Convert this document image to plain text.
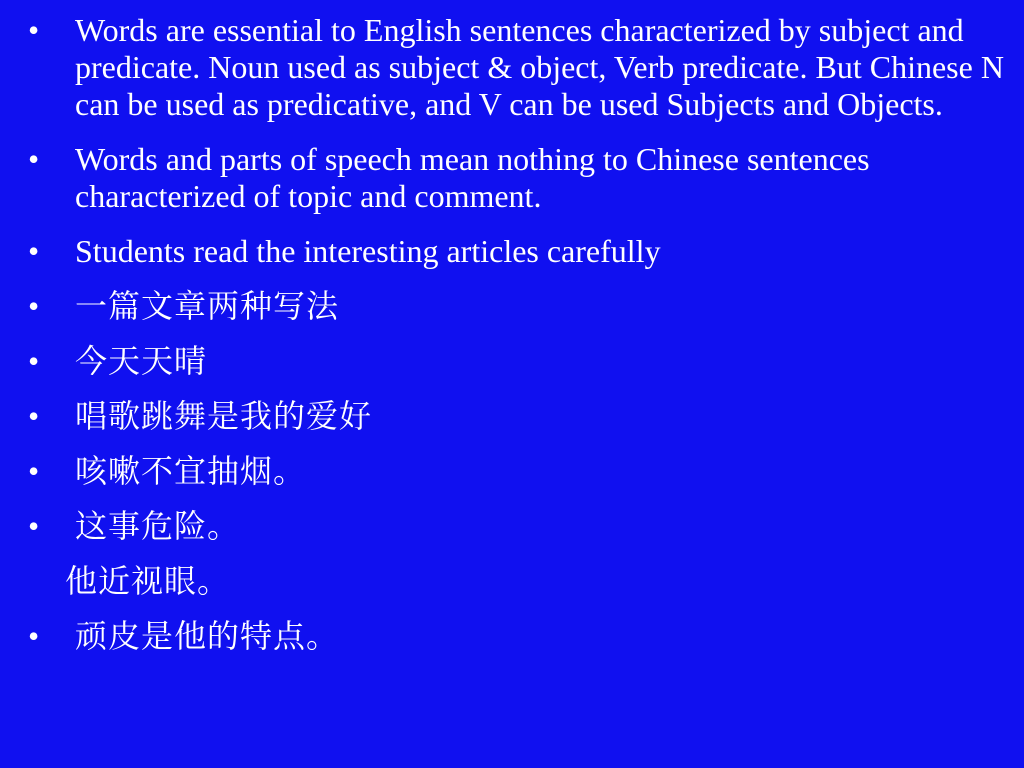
•	Words are essential to English sentences characterized by subject and predicate. Noun used as subject & object, Verb predicate. But Chinese N can be used as predicative, and V can be used Subjects and Objects.
•	Words and parts of speech mean nothing to Chinese sentences characterized of topic and comment.
•	Students read the interesting articles carefully
•	一篇文章两种写法
•	今天天晴
•	唱歌跳舞是我的爱好
•	咳嗽不宜抽烟。
•	这事危险。
他近视眼。
•	顽皮是他的特点。
